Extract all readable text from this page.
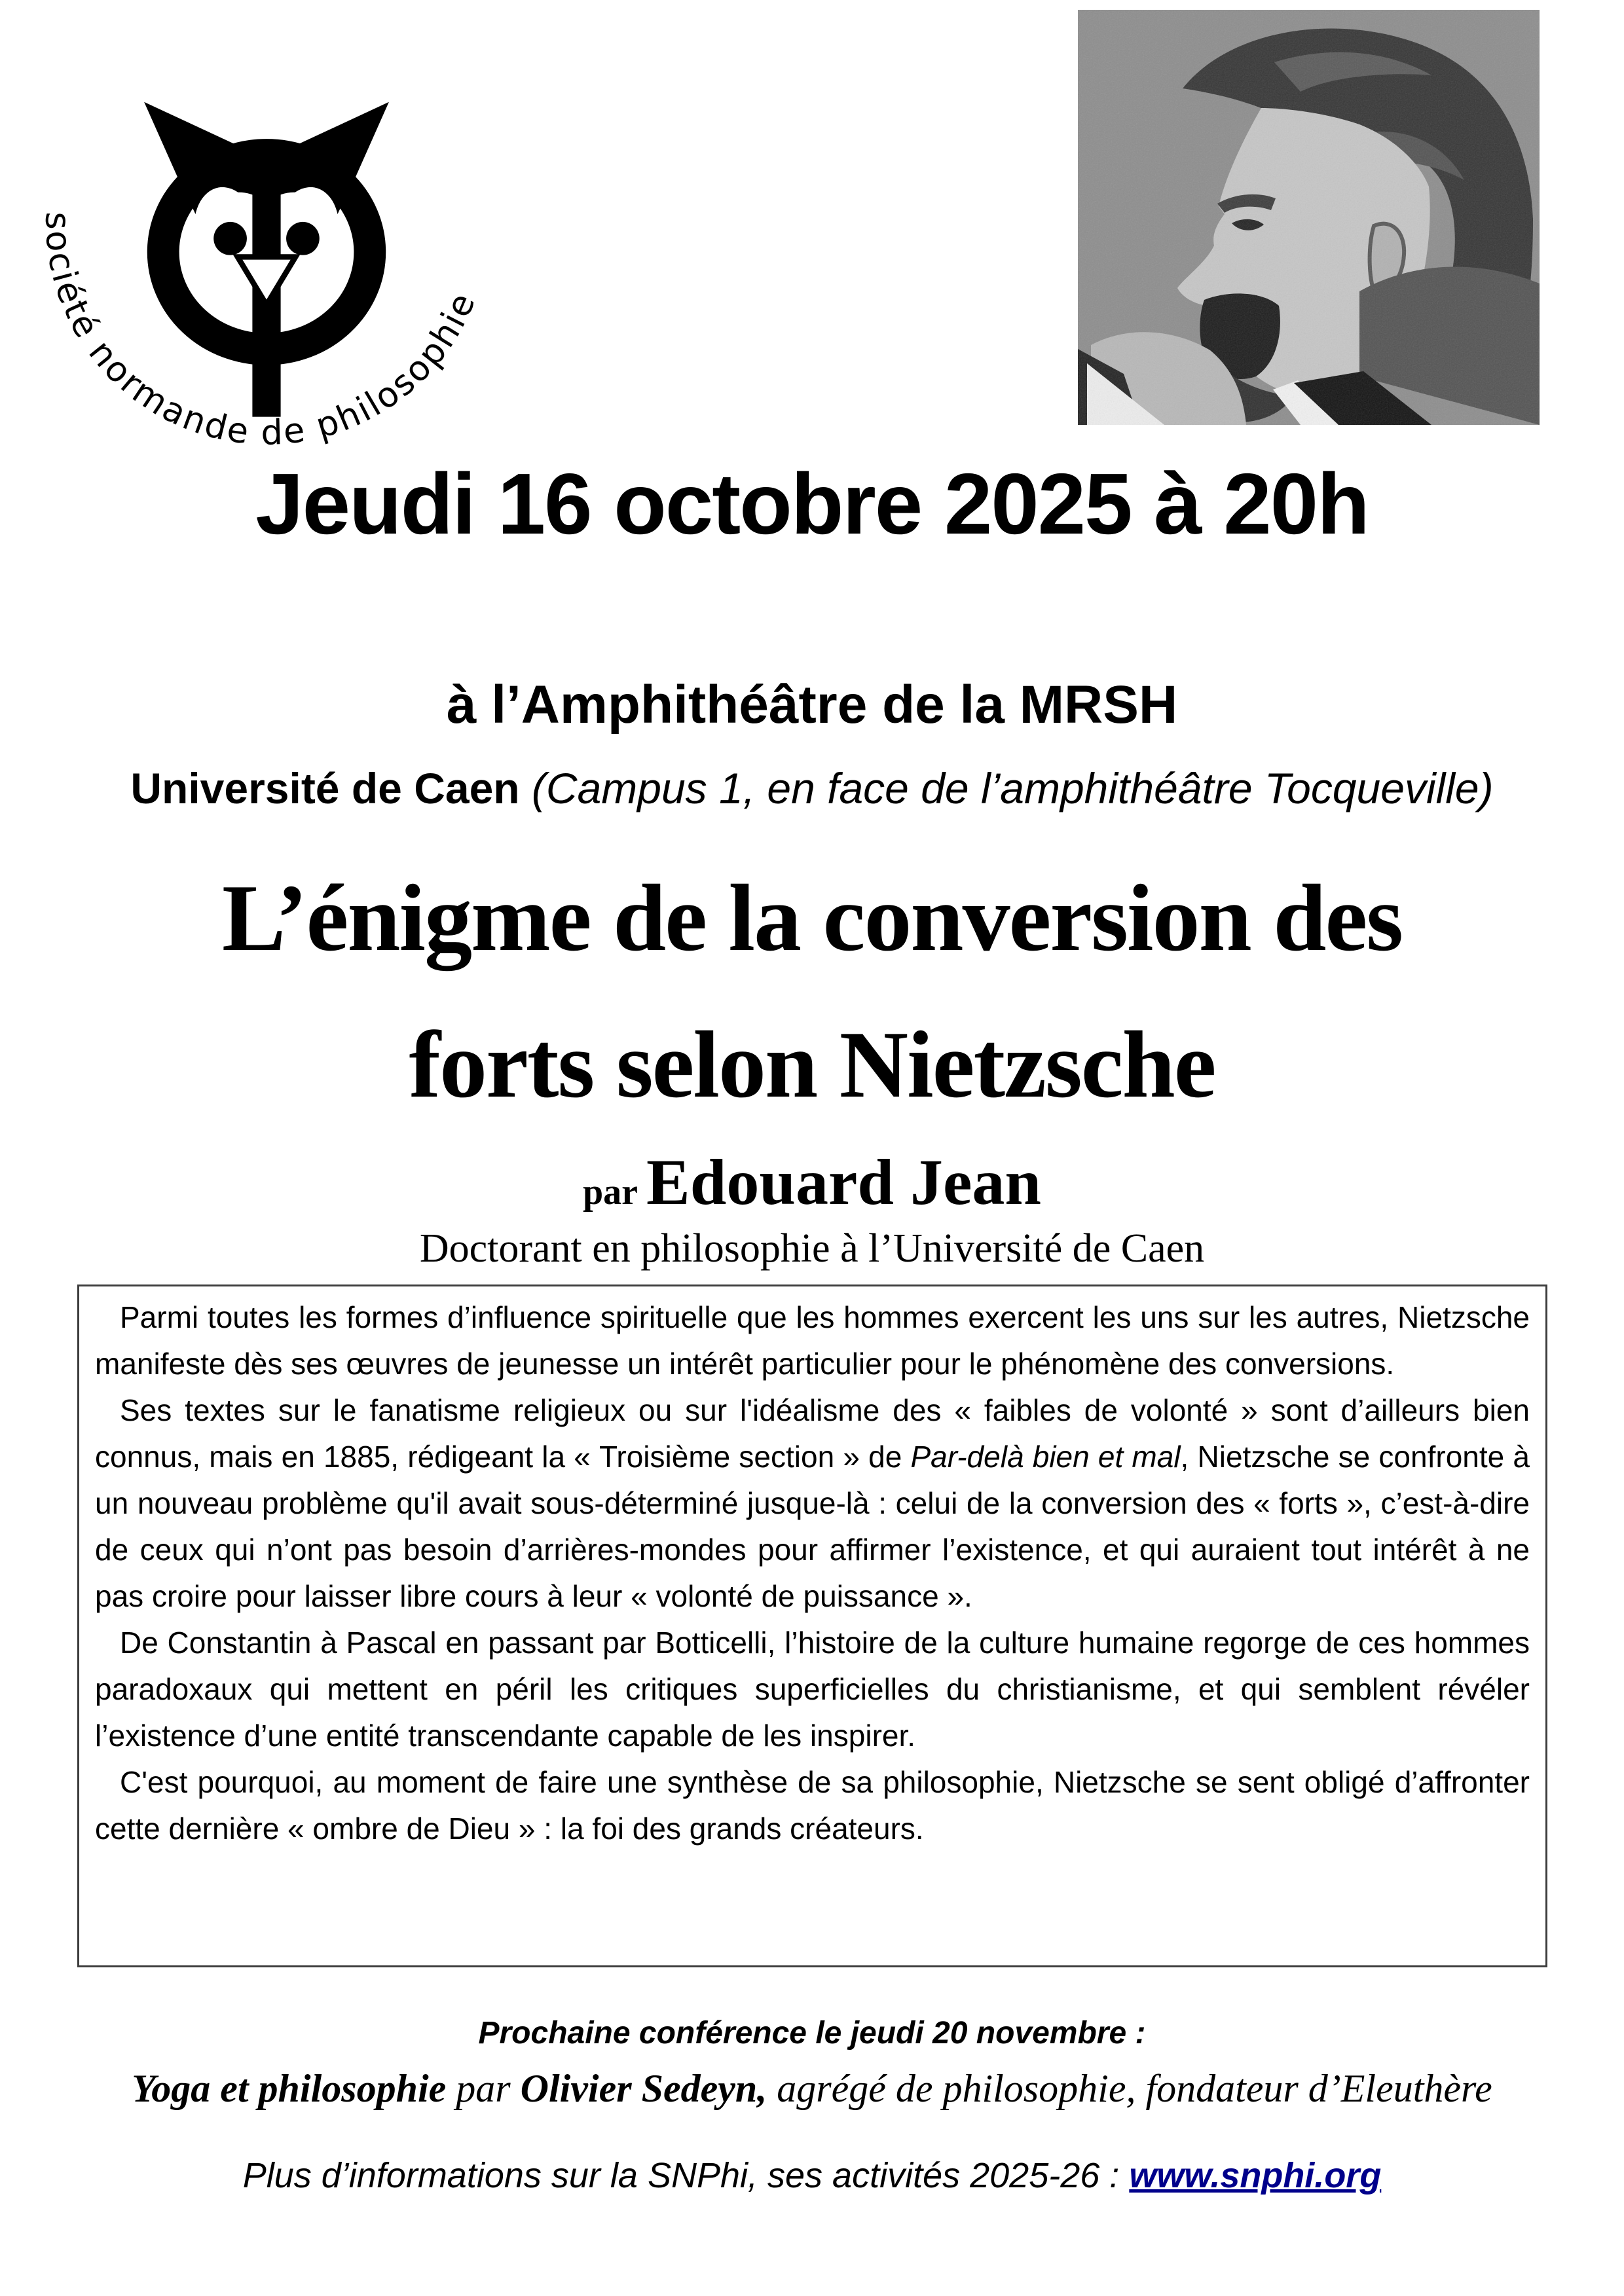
société normande de philosophie
Jeudi 16 octobre 2025 à 20h
à l’Amphithéâtre de la MRSH
Université de Caen (Campus 1, en face de l’amphithéâtre Tocqueville)
L’énigme de la conversion des
forts selon Nietzsche
par Edouard Jean
Doctorant en philosophie à l’Université de Caen

Parmi toutes les formes d’influence spirituelle que les hommes exercent les uns sur les autres, Nietzsche manifeste dès ses œuvres de jeunesse un intérêt particulier pour le phénomène des conversions.

Ses textes sur le fanatisme religieux ou sur l'idéalisme des « faibles de volonté » sont d’ailleurs bien connus, mais en 1885, rédigeant la « Troisième section » de Par-delà bien et mal, Nietzsche se confronte à un nouveau problème qu'il avait sous-déterminé jusque-là : celui de la conversion des « forts », c’est-à-dire de ceux qui n’ont pas besoin d’arrières-mondes pour affirmer l’existence, et qui auraient tout intérêt à ne pas croire pour laisser libre cours à leur « volonté de puissance ».

De Constantin à Pascal en passant par Botticelli, l’histoire de la culture humaine regorge de ces hommes paradoxaux qui mettent en péril les critiques superficielles du christianisme, et qui semblent révéler l’existence d’une entité transcendante capable de les inspirer.

C'est pourquoi, au moment de faire une synthèse de sa philosophie, Nietzsche se sent obligé d’affronter cette dernière « ombre de Dieu » : la foi des grands créateurs.

Prochaine conférence le jeudi 20 novembre :
Yoga et philosophie par Olivier Sedeyn, agrégé de philosophie, fondateur d’Eleuthère
Plus d’informations sur la SNPhi, ses activités 2025-26 : www.snphi.org
